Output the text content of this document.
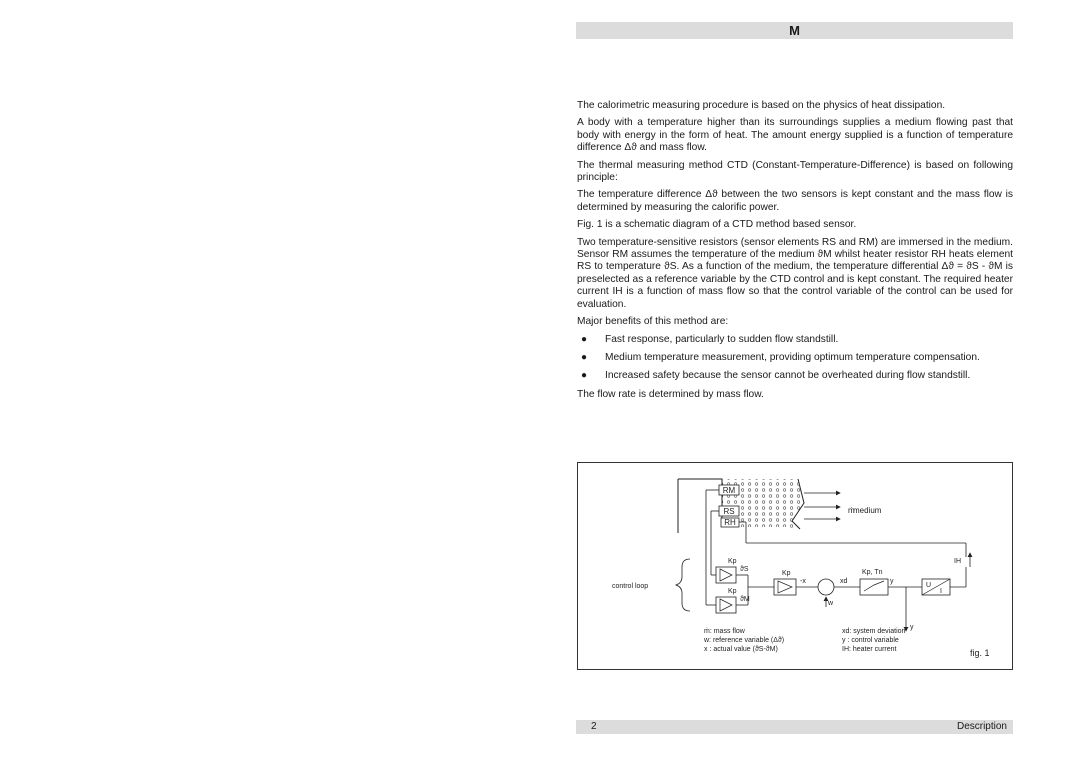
M

The calorimetric measuring procedure is based on the physics of heat dissipation.

A body with a temperature higher than its surroundings supplies a medium flowing past that body with energy in the form of heat. The amount energy supplied is a function of temperature difference Δϑ and mass flow.

The thermal measuring method CTD (Constant-Temperature-Difference) is based on following principle:

The temperature difference Δϑ between the two sensors is kept constant and the mass flow is determined by measuring the calorific power.

Fig. 1 is a schematic diagram of a CTD method based sensor.

Two temperature-sensitive resistors (sensor elements RS and RM) are immersed in the medium. Sensor RM assumes the temperature of the medium ϑM whilst heater resistor RH heats element RS to temperature ϑS. As a function of the medium, the temperature differential Δϑ = ϑS - ϑM is preselected as a reference variable by the CTD control and is kept constant. The required heater current IH is a function of mass flow so that the control variable of the control can be used for evaluation.

Major benefits of this method are:

● Fast response, particularly to sudden flow standstill.
● Medium temperature measurement, providing optimum temperature compensation.
● Increased safety because the sensor cannot be overheated during flow standstill.

The flow rate is determined by mass flow.

RM
RS
RH
ṁ
medium
Kp
ϑS
Kp
ϑM
Kp
-x	xd
w
Kp, Tn
y
U
I
IH
y
control loop
ṁ: mass flow
w: reference variable (Δϑ)
x : actual value (ϑS-ϑM)
xd: system deviation
y : control variable
IH: heater current	fig. 1
2	Description
